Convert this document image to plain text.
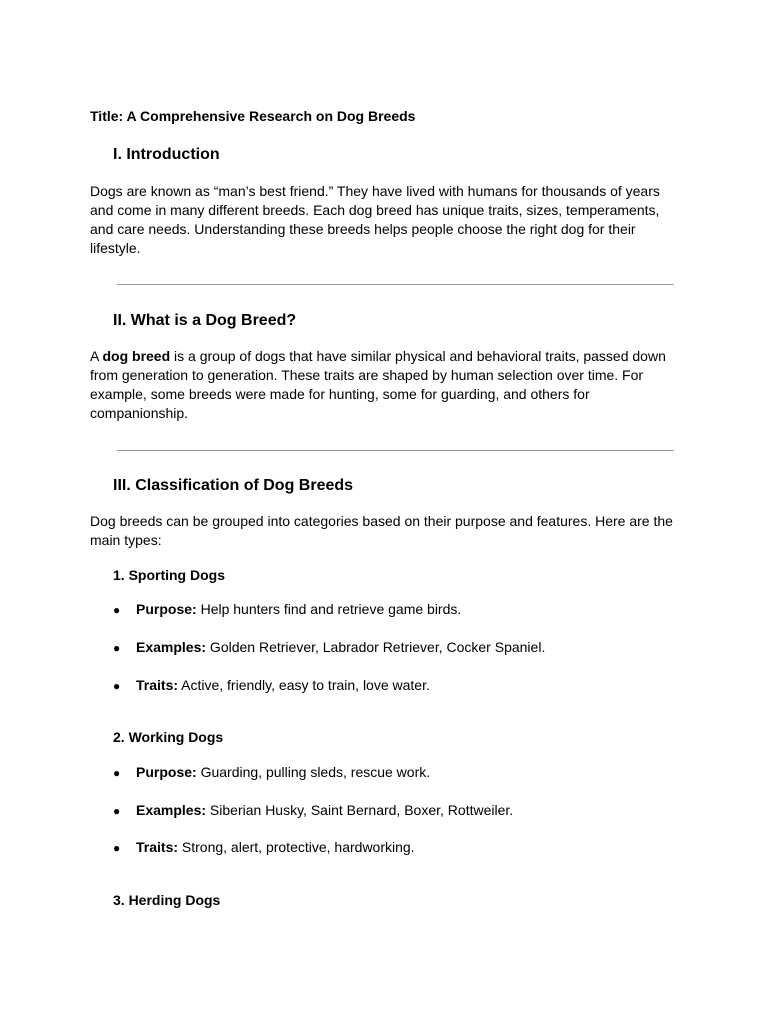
Title: A Comprehensive Research on Dog Breeds

I. Introduction

Dogs are known as “man’s best friend.” They have lived with humans for thousands of years and come in many different breeds. Each dog breed has unique traits, sizes, temperaments, and care needs. Understanding these breeds helps people choose the right dog for their lifestyle.

II. What is a Dog Breed?

A dog breed is a group of dogs that have similar physical and behavioral traits, passed down from generation to generation. These traits are shaped by human selection over time. For example, some breeds were made for hunting, some for guarding, and others for companionship.

III. Classification of Dog Breeds

Dog breeds can be grouped into categories based on their purpose and features. Here are the main types:

1. Sporting Dogs
● Purpose: Help hunters find and retrieve game birds.
● Examples: Golden Retriever, Labrador Retriever, Cocker Spaniel.
● Traits: Active, friendly, easy to train, love water.
2. Working Dogs
● Purpose: Guarding, pulling sleds, rescue work.
● Examples: Siberian Husky, Saint Bernard, Boxer, Rottweiler.
● Traits: Strong, alert, protective, hardworking.
3. Herding Dogs
